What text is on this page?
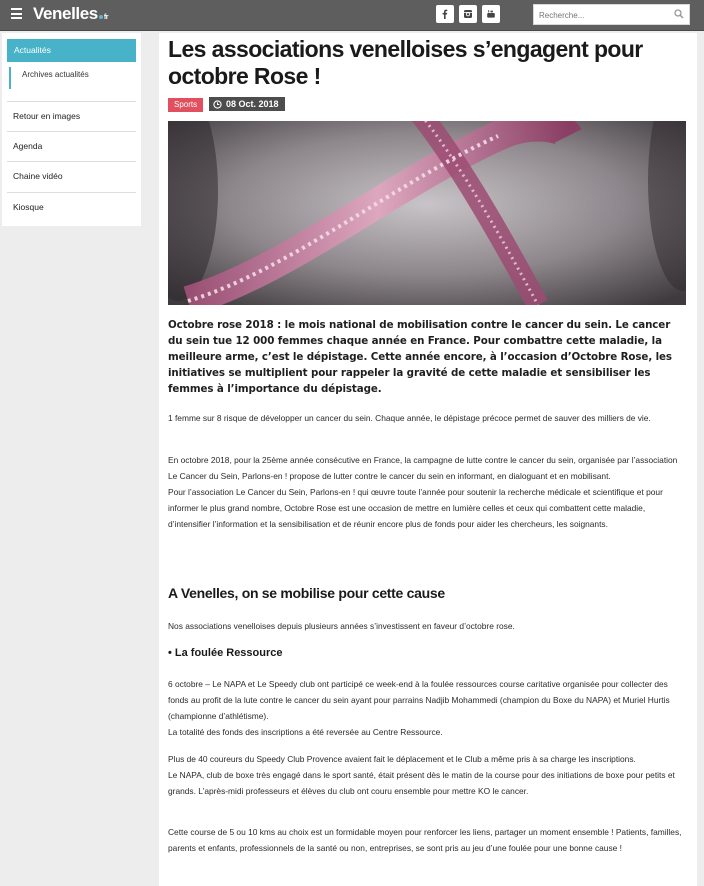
Venelles fr
Recherche...
Actualités
Archives actualités
Retour en images
Agenda
Chaine vidéo
Kiosque
Les associations venelloises s’engagent pour octobre Rose !
Sports	08 Oct. 2018
Octobre rose 2018 : le mois national de mobilisation contre le cancer du sein. Le cancer du sein tue 12 000 femmes chaque année en France. Pour combattre cette maladie, la meilleure arme, c’est le dépistage. Cette année encore, à l’occasion d’Octobre Rose, les initiatives se multiplient pour rappeler la gravité de cette maladie et sensibiliser les femmes à l’importance du dépistage.
1 femme sur 8 risque de développer un cancer du sein. Chaque année, le dépistage précoce permet de sauver des milliers de vie.
En octobre 2018, pour la 25ème année consécutive en France, la campagne de lutte contre le cancer du sein, organisée par l’association Le Cancer du Sein, Parlons-en ! propose de lutter contre le cancer du sein en informant, en dialoguant et en mobilisant.
Pour l’association Le Cancer du Sein, Parlons-en ! qui œuvre toute l’année pour soutenir la recherche médicale et scientifique et pour informer le plus grand nombre, Octobre Rose est une occasion de mettre en lumière celles et ceux qui combattent cette maladie, d’intensifier l’information et la sensibilisation et de réunir encore plus de fonds pour aider les chercheurs, les soignants.
A Venelles, on se mobilise pour cette cause
Nos associations venelloises depuis plusieurs années s’investissent en faveur d’octobre rose.
• La foulée Ressource
6 octobre – Le NAPA et Le Speedy club ont participé ce week-end à la foulée ressources course caritative organisée pour collecter des fonds au profit de la lute contre le cancer du sein ayant pour parrains Nadjib Mohammedi (champion du Boxe du NAPA) et Muriel Hurtis (championne d’athlétisme).
La totalité des fonds des inscriptions a été reversée au Centre Ressource.
Plus de 40 coureurs du Speedy Club Provence avaient fait le déplacement et le Club a même pris à sa charge les inscriptions.
Le NAPA, club de boxe très engagé dans le sport santé, était présent dès le matin de la course pour des initiations de boxe pour petits et grands. L’après-midi professeurs et élèves du club ont couru ensemble pour mettre KO le cancer.
Cette course de 5 ou 10 kms au choix est un formidable moyen pour renforcer les liens, partager un moment ensemble ! Patients, familles, parents et enfants, professionnels de la santé ou non, entreprises, se sont pris au jeu d’une foulée pour une bonne cause !
